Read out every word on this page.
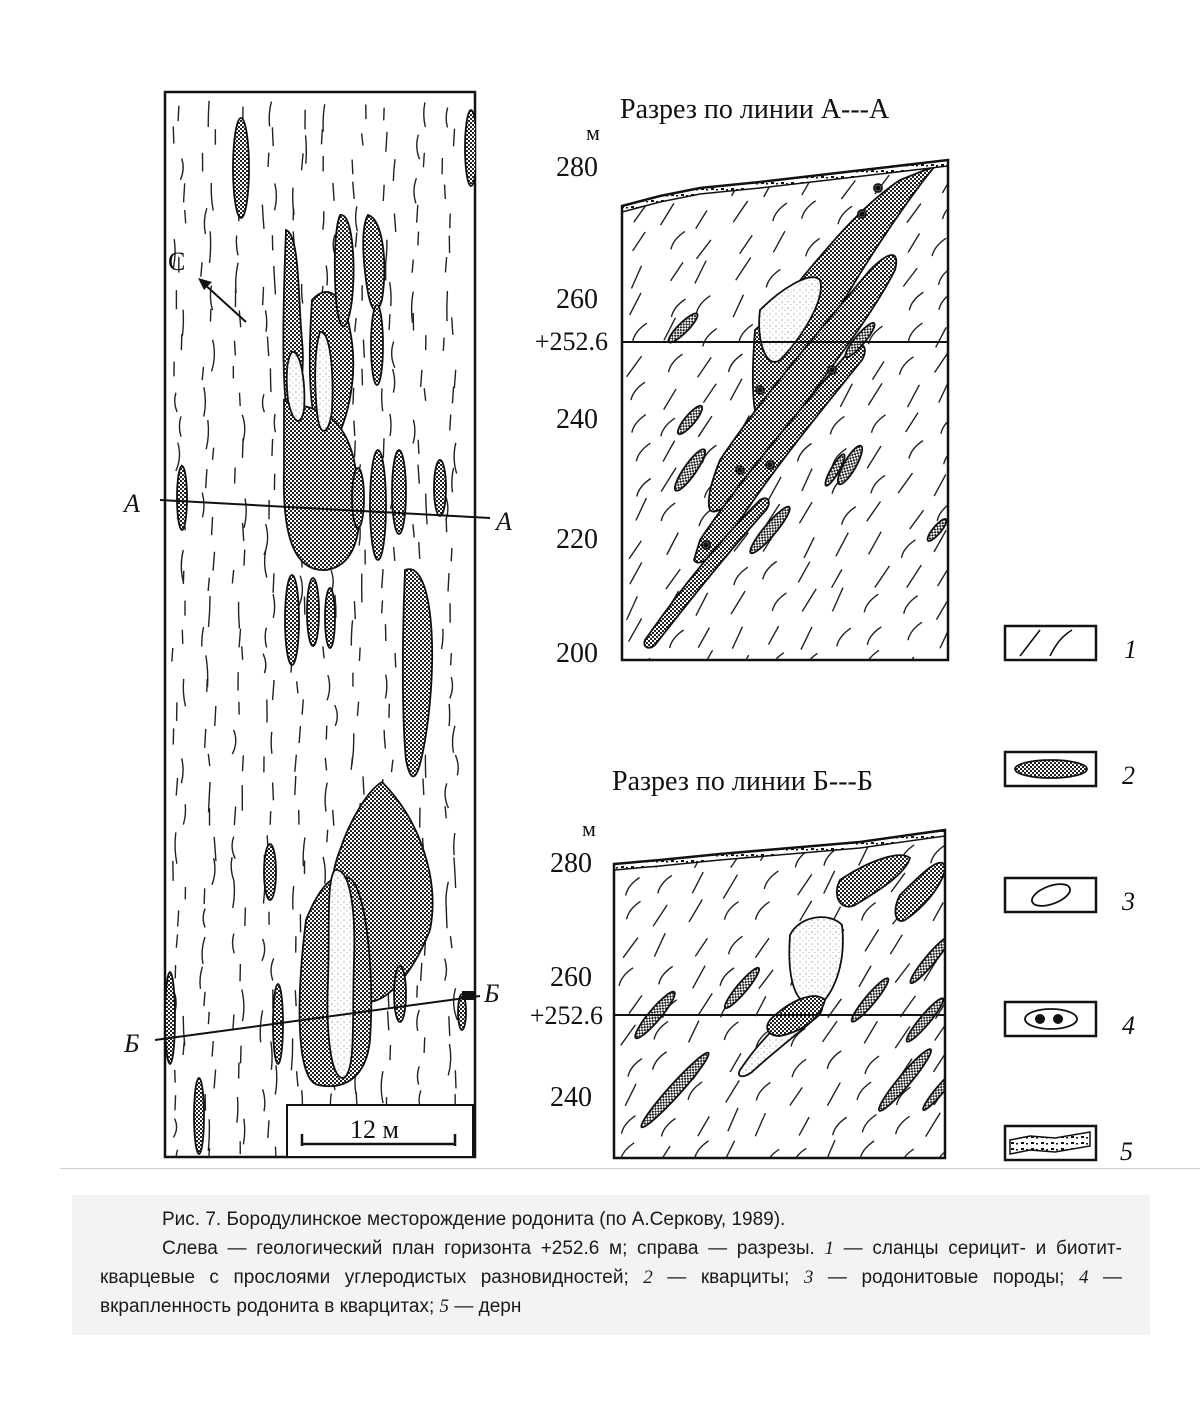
А
А
Б
Б
С
12 м
Разрез по линии А---А
м
280
260
240
220
200
+252.6
Разрез по линии Б---Б
м
280
260
240
+252.6
1
2
3
4
5
Рис. 7. Бородулинское месторождение родонита (по А.Серкову, 1989).
Слева — геологический план горизонта +252.6 м; справа — разрезы. 1 — сланцы серицит- и биотит-кварцевые с прослоями углеродистых разновидностей; 2 — кварциты; 3 — родонитовые породы; 4 — вкрапленность родонита в кварцитах; 5 — дерн
